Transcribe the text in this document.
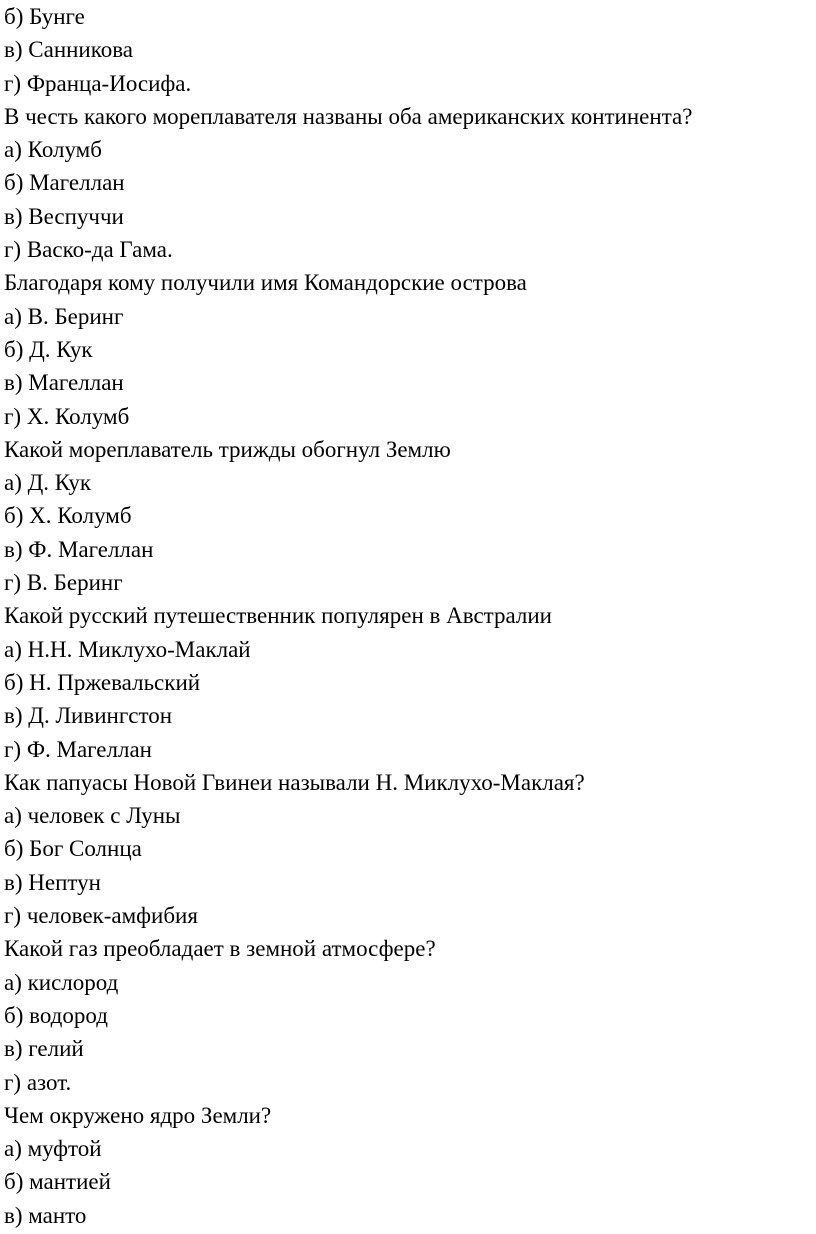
б) Бунге
в) Санникова
г) Франца-Иосифа.
В честь какого мореплавателя названы оба американских континента?
а) Колумб
б) Магеллан
в) Веспуччи
г) Васко-да Гама.
Благодаря кому получили имя Командорские острова
а) В. Беринг
б) Д. Кук
в) Магеллан
г) Х. Колумб
Какой мореплаватель трижды обогнул Землю
а) Д. Кук
б) Х. Колумб
в) Ф. Магеллан
г) В. Беринг
Какой русский путешественник популярен в Австралии
а) Н.Н. Миклухо-Маклай
б) Н. Пржевальский
в) Д. Ливингстон
г) Ф. Магеллан
Как папуасы Новой Гвинеи называли Н. Миклухо-Маклая?
а) человек с Луны
б) Бог Солнца
в) Нептун
г) человек-амфибия
Какой газ преобладает в земной атмосфере?
а) кислород
б) водород
в) гелий
г) азот.
Чем окружено ядро Земли?
а) муфтой
б) мантией
в) манто
